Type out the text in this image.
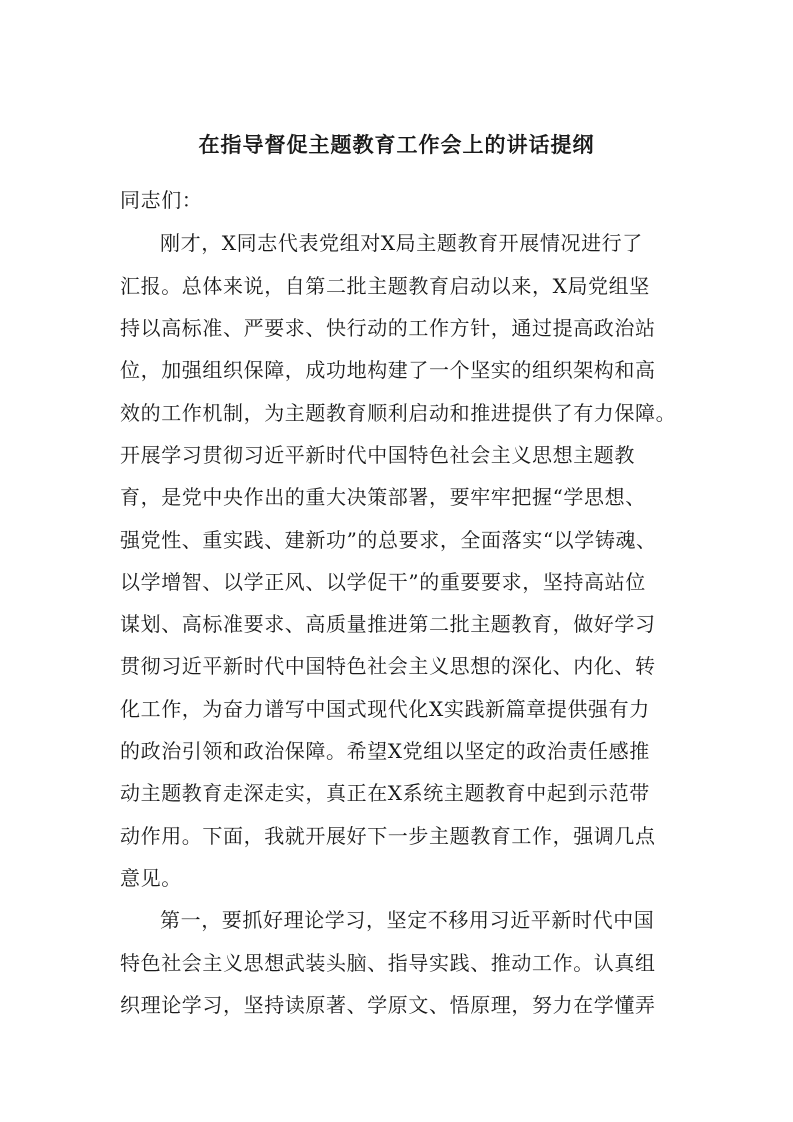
在指导督促主题教育工作会上的讲话提纲
同志们：
刚才，X同志代表党组对X局主题教育开展情况进行了
汇报。总体来说，自第二批主题教育启动以来，X局党组坚
持以高标准、严要求、快行动的工作方针，通过提高政治站
位，加强组织保障，成功地构建了一个坚实的组织架构和高
效的工作机制，为主题教育顺利启动和推进提供了有力保障。
开展学习贯彻习近平新时代中国特色社会主义思想主题教
育，是党中央作出的重大决策部署，要牢牢把握“学思想、
强党性、重实践、建新功”的总要求，全面落实“以学铸魂、
以学增智、以学正风、以学促干”的重要要求，坚持高站位
谋划、高标准要求、高质量推进第二批主题教育，做好学习
贯彻习近平新时代中国特色社会主义思想的深化、内化、转
化工作，为奋力谱写中国式现代化X实践新篇章提供强有力
的政治引领和政治保障。希望X党组以坚定的政治责任感推
动主题教育走深走实，真正在X系统主题教育中起到示范带
动作用。下面，我就开展好下一步主题教育工作，强调几点
意见。
第一，要抓好理论学习，坚定不移用习近平新时代中国
特色社会主义思想武装头脑、指导实践、推动工作。认真组
织理论学习，坚持读原著、学原文、悟原理，努力在学懂弄
